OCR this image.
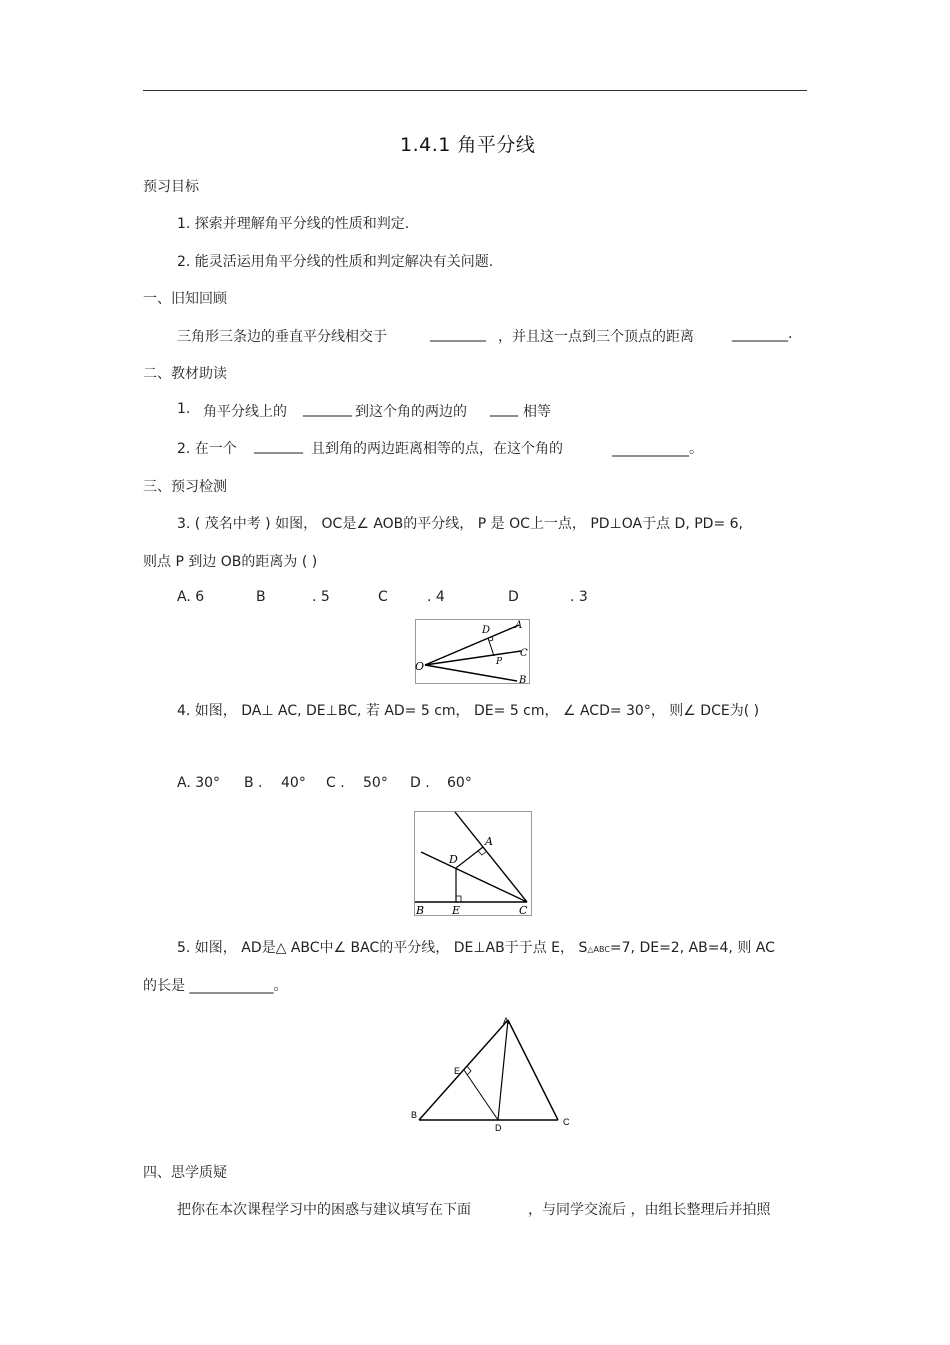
1.4.1 角平分线
预习目标
1. 探索并理解角平分线的性质和判定.
2. 能灵活运用角平分线的性质和判定解决有关问题.
一、旧知回顾
三角形三条边的垂直平分线相交于	________ ，并且这一点到三个顶点的距离	________.
二、教材助读
1. 角平分线上的 _______ 到这个角的两边的 ____ 相等
2. 在一个 _______ 且到角的两边距离相等的点，在这个角的	___________。
三、预习检测
3. ( 茂名中考 ) 如图， OC是∠ AOB的平分线， P 是 OC上一点， PD⊥OA于点 D, PD= 6,
则点 P 到边 OB的距离为 ( )
A. 6	B	. 5	C	. 4	D	. 3
D A
O	P
C
B
4. 如图， DA⊥ AC, DE⊥BC, 若 AD= 5 cm， DE= 5 cm， ∠ ACD= 30°， 则∠ DCE为( )
A. 30° B . 40° C . 50° D . 60°
A
D
B	E	C
5. 如图， AD是△ ABC中∠ BAC的平分线， DE⊥AB于于点 E， S△ABC=7, DE=2, AB=4, 则 AC
的长是 ____________。
A
E
B
D
C
四、思学质疑
把你在本次课程学习中的困惑与建议填写在下面	，与同学交流后 ，由组长整理后并拍照
